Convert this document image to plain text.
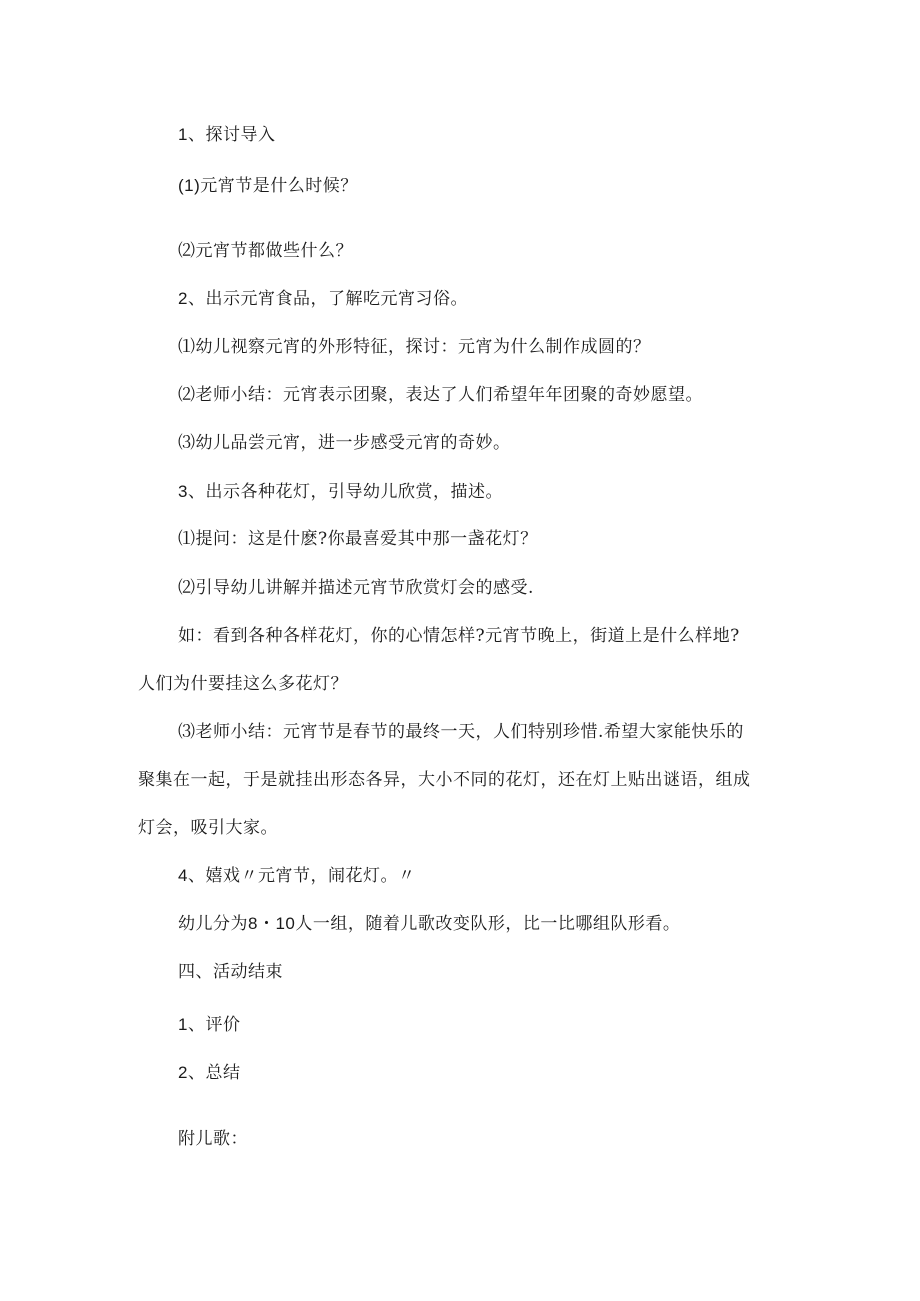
1、探讨导入
(1)元宵节是什么时候？
⑵元宵节都做些什么？
2、出示元宵食品，了解吃元宵习俗。
⑴幼儿视察元宵的外形特征，探讨：元宵为什么制作成圆的？
⑵老师小结：元宵表示团聚，表达了人们希望年年团聚的奇妙愿望。
⑶幼儿品尝元宵，进一步感受元宵的奇妙。
3、出示各种花灯，引导幼儿欣赏，描述。
⑴提问：这是什麽?你最喜爱其中那一盏花灯？
⑵引导幼儿讲解并描述元宵节欣赏灯会的感受.
如：看到各种各样花灯，你的心情怎样?元宵节晚上，街道上是什么样地?
人们为什要挂这么多花灯？
⑶老师小结：元宵节是春节的最终一天，人们特别珍惜.希望大家能快乐的
聚集在一起，于是就挂出形态各异，大小不同的花灯，还在灯上贴出谜语，组成
灯会，吸引大家。
4、嬉戏〃元宵节，闹花灯。〃
幼儿分为8・10人一组，随着儿歌改变队形，比一比哪组队形看。
四、活动结束
1、评价
2、总结
附儿歌：
